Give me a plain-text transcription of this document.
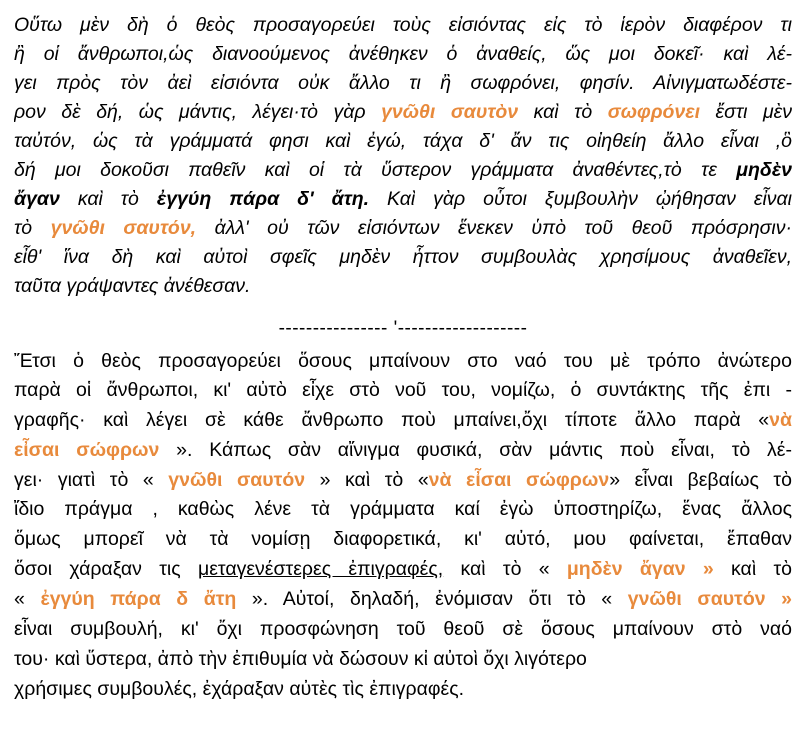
Οὕτω μὲν δὴ ὁ θεὸς προσαγορεύει τοὺς εἰσιόντας εἰς τὸ ἱερὸν διαφέρον τι
ἢ οἱ ἄνθρωποι,ὡς διανοούμενος ἀνέθηκεν ὁ ἀναθείς, ὥς μοι δοκεῖ· καὶ λέ-
γει πρὸς τὸν ἀεὶ εἰσιόντα οὐκ ἄλλο τι ἢ σωφρόνει, φησίν. Αἰνιγματωδέστε-
ρον δὲ δή, ὡς μάντις, λέγει·τὸ γὰρ γνῶθι σαυτὸν καὶ τὸ σωφρόνει ἔστι μὲν
ταὐτόν, ὡς τὰ γράμματά φησι καὶ ἐγώ, τάχα δ' ἄν τις οἰηθείη ἄλλο εἶναι ,ὃ
δή μοι δοκοῦσι παθεῖν καὶ οἱ τὰ ὕστερον γράμματα ἀναθέντες,τὸ τε μηδὲν
ἄγαν καὶ τὸ ἐγγύη πάρα δ' ἄτη. Καὶ γὰρ οὗτοι ξυμβουλὴν ᾠήθησαν εἶναι
τὸ γνῶθι σαυτόν, ἀλλ' οὐ τῶν εἰσιόντων ἕνεκεν ὑπὸ τοῦ θεοῦ πρόσρησιν·
εἶθ' ἵνα δὴ καὶ αὐτοὶ σφεῖς μηδὲν ἧττον συμβουλὰς χρησίμους ἀναθεῖεν,
ταῦτα γράψαντες ἀνέθεσαν.
---------------- '-------------------
Ἔτσι ὁ θεὸς προσαγορεύει ὅσους μπαίνουν στο ναό του μὲ τρόπο ἀνώτερο
παρὰ οἱ ἄνθρωποι, κι' αὐτὸ εἶχε στὸ νοῦ του, νομίζω, ὁ συντάκτης τῆς ἐπι -
γραφῆς· καὶ λέγει σὲ κάθε ἄνθρωπο ποὺ μπαίνει,ὄχι τίποτε ἄλλο παρὰ «νὰ
εἶσαι σώφρων ». Κάπως σὰν αἴνιγμα φυσικά, σὰν μάντις ποὺ εἶναι, τὸ λέ-
γει· γιατὶ τὸ « γνῶθι σαυτόν » καὶ τὸ «νὰ εἶσαι σώφρων» εἶναι βεβαίως τὸ
ἴδιο πράγμα , καθὼς λένε τὰ γράμματα καί ἐγὼ ὑποστηρίζω, ἕνας ἄλλος
ὅμως μπορεῖ νὰ τὰ νομίσῃ διαφορετικά, κι' αὐτό, μου φαίνεται, ἔπαθαν
ὅσοι χάραξαν τις μεταγενέστερες ἐπιγραφές, καὶ τὸ « μηδὲν ἄγαν » καὶ τὸ
« ἐγγύη πάρα δ ἄτη ». Αὐτοί, δηλαδή, ἐνόμισαν ὅτι τὸ « γνῶθι σαυτόν »
εἶναι συμβουλή, κι' ὄχι προσφώνηση τοῦ θεοῦ σὲ ὅσους μπαίνουν στὸ ναό
του· καὶ ὕστερα, ἀπὸ τὴν ἐπιθυμία νὰ δώσουν κἰ αὐτοὶ ὄχι λιγότερο
χρήσιμες συμβουλές, ἐχάραξαν αὐτὲς τὶς ἐπιγραφές.
